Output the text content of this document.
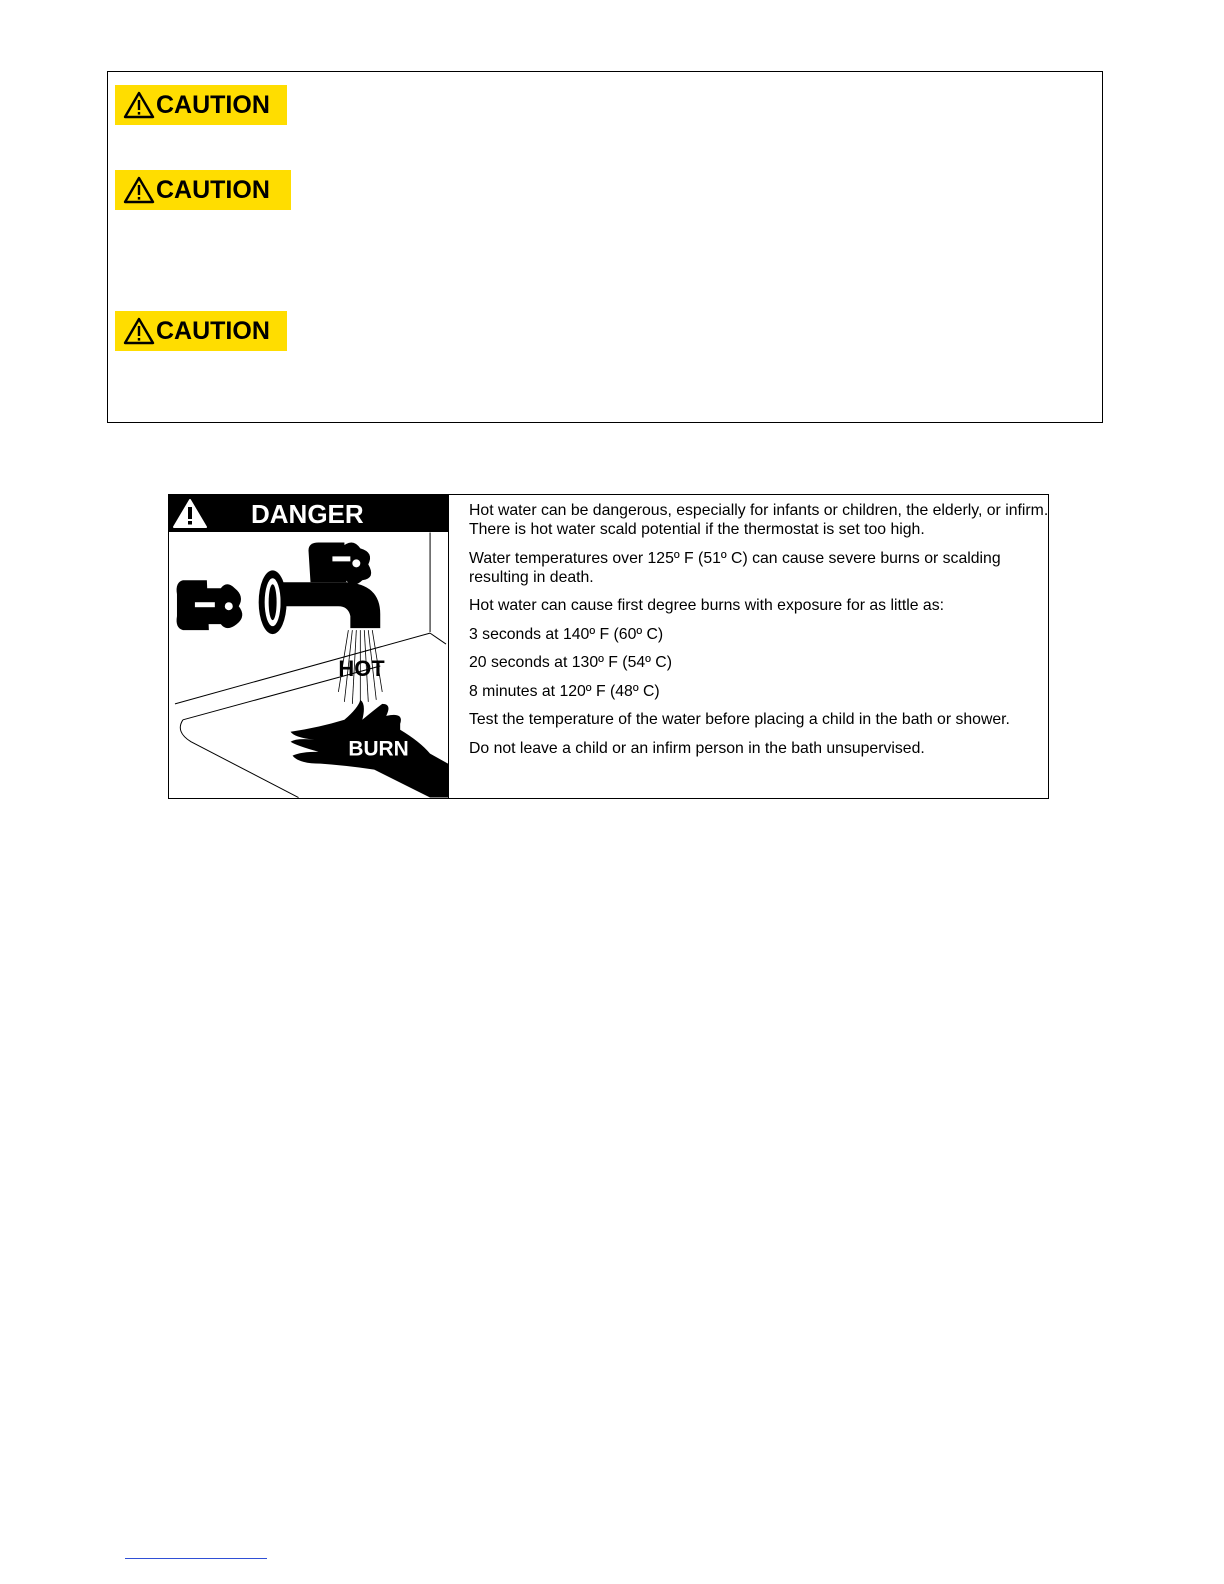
CAUTION
CAUTION
CAUTION
DANGER
HOT
BURN

Hot water can be dangerous, especially for infants or children, the elderly, or infirm. There is hot water scald potential if the thermostat is set too high.

Water temperatures over 125º F (51º C) can cause severe burns or scalding resulting in death.

Hot water can cause first degree burns with exposure for as little as:

3 seconds at 140º F (60º C)

20 seconds at 130º F (54º C)

8 minutes at 120º F (48º C)

Test the temperature of the water before placing a child in the bath or shower.

Do not leave a child or an infirm person in the bath unsupervised.
